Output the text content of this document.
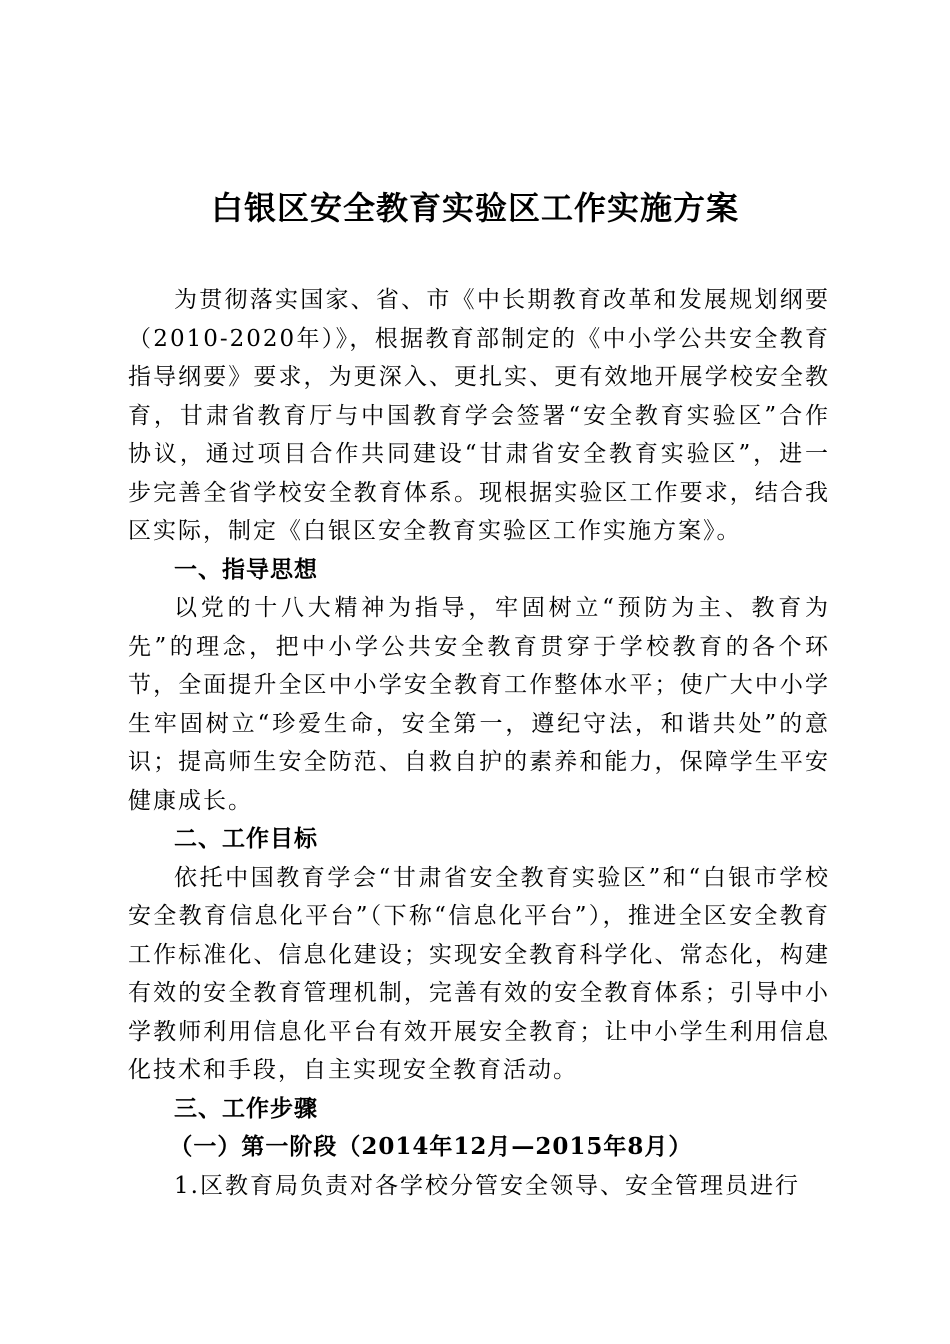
白银区安全教育实验区工作实施方案

为贯彻落实国家、省、市《中长期教育改革和发展规划纲要（2010-2020年）》，根据教育部制定的《中小学公共安全教育指导纲要》要求，为更深入、更扎实、更有效地开展学校安全教育，甘肃省教育厅与中国教育学会签署“安全教育实验区”合作协议，通过项目合作共同建设“甘肃省安全教育实验区”，进一步完善全省学校安全教育体系。现根据实验区工作要求，结合我区实际，制定《白银区安全教育实验区工作实施方案》。

一、指导思想

以党的十八大精神为指导，牢固树立“预防为主、教育为先”的理念，把中小学公共安全教育贯穿于学校教育的各个环节，全面提升全区中小学安全教育工作整体水平；使广大中小学生牢固树立“珍爱生命，安全第一，遵纪守法，和谐共处”的意识；提高师生安全防范、自救自护的素养和能力，保障学生平安健康成长。

二、工作目标

依托中国教育学会“甘肃省安全教育实验区”和“白银市学校安全教育信息化平台”（下称“信息化平台”），推进全区安全教育工作标准化、信息化建设；实现安全教育科学化、常态化，构建有效的安全教育管理机制，完善有效的安全教育体系；引导中小学教师利用信息化平台有效开展安全教育；让中小学生利用信息化技术和手段，自主实现安全教育活动。

三、工作步骤

（一）第一阶段（2014年12月—2015年8月）

1.区教育局负责对各学校分管安全领导、安全管理员进行
